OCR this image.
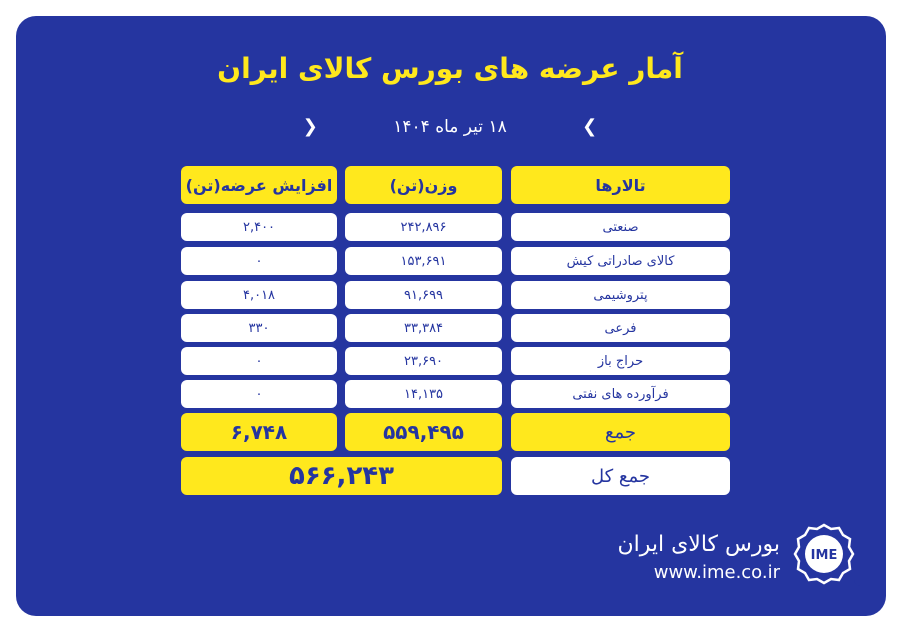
آمار عرضه های بورس کالای ایران
❯ ۱۸ تیر ماه ۱۴۰۴ ❮
تالارها
وزن(تن)
افزایش عرضه(تن)
صنعتی
۲۴۲,۸۹۶
۲,۴۰۰
کالای صادراتی کیش
۱۵۳,۶۹۱
۰
پتروشیمی
۹۱,۶۹۹
۴,۰۱۸
فرعی
۳۳,۳۸۴
۳۳۰
حراج باز
۲۳,۶۹۰
۰
فرآورده های نفتی
۱۴,۱۳۵
۰
جمع
۵۵۹,۴۹۵
۶,۷۴۸
جمع کل
۵۶۶,۲۴۳
بورس کالای ایران
www.ime.co.ir
IME
